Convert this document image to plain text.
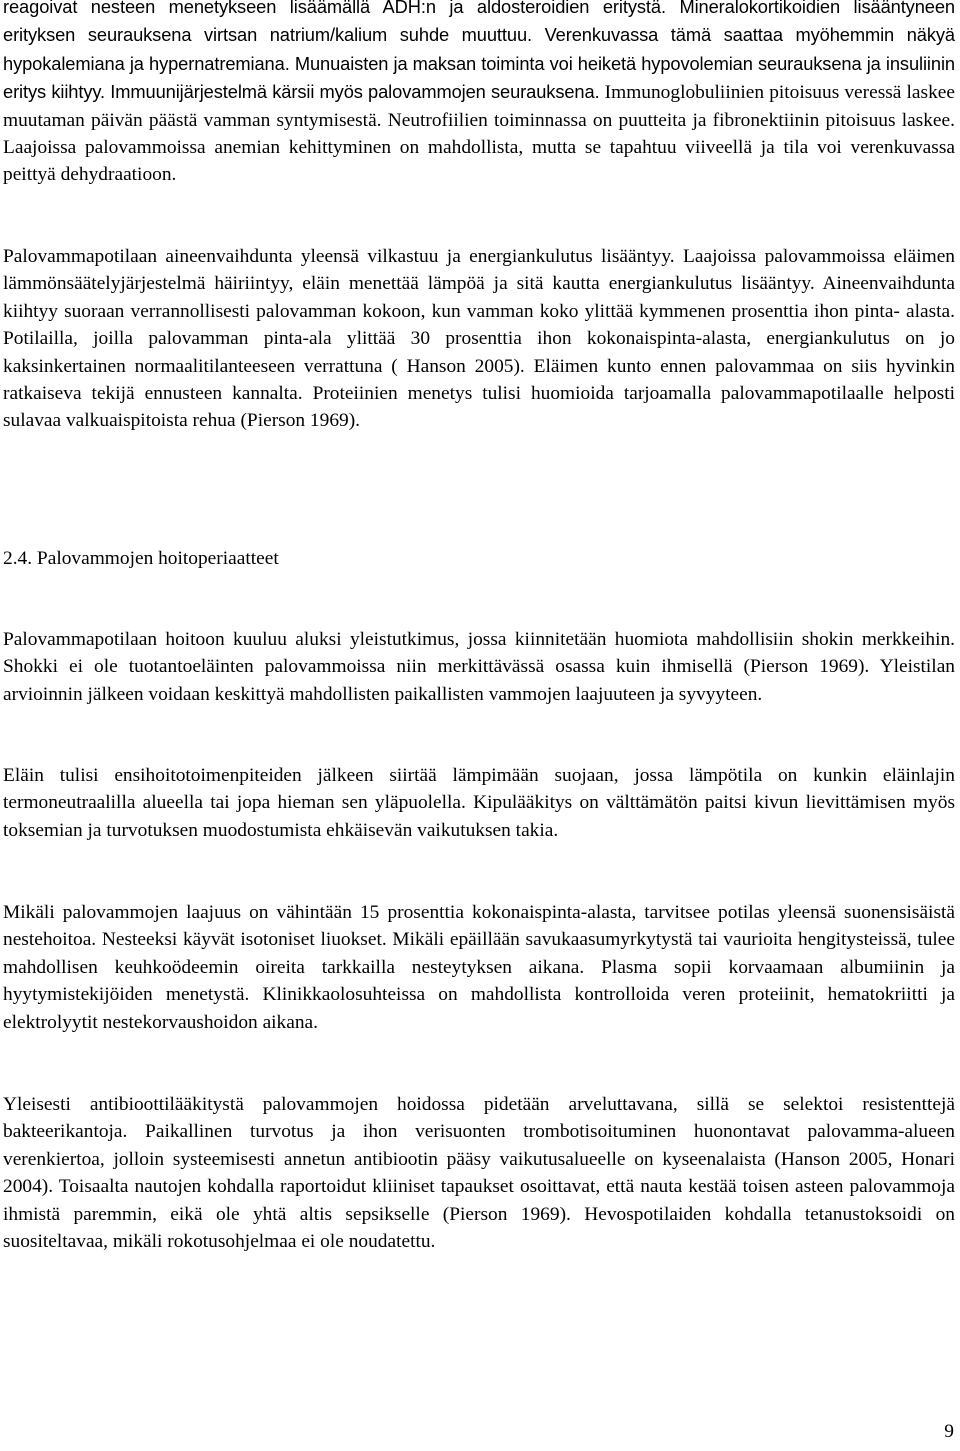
reagoivat nesteen menetykseen lisäämällä ADH:n ja aldosteroidien eritystä. Mineralokortikoidien lisääntyneen erityksen seurauksena virtsan natrium/kalium suhde muuttuu. Verenkuvassa tämä saattaa myöhemmin näkyä hypokalemiana ja hypernatremiana. Munuaisten ja maksan toiminta voi heiketä hypovolemian seurauksena ja insuliinin eritys kiihtyy. Immuunijärjestelmä kärsii myös palovammojen seurauksena. Immunoglobuliinien pitoisuus veressä laskee muutaman päivän päästä vamman syntymisestä. Neutrofiilien toiminnassa on puutteita ja fibronektiinin pitoisuus laskee. Laajoissa palovammoissa anemian kehittyminen on mahdollista, mutta se tapahtuu viiveellä ja tila voi verenkuvassa peittyä dehydraatioon.

Palovammapotilaan aineenvaihdunta yleensä vilkastuu ja energiankulutus lisääntyy. Laajoissa palovammoissa eläimen lämmönsäätelyjärjestelmä häiriintyy, eläin menettää lämpöä ja sitä kautta energiankulutus lisääntyy. Aineenvaihdunta kiihtyy suoraan verrannollisesti palovamman kokoon, kun vamman koko ylittää kymmenen prosenttia ihon pinta- alasta. Potilailla, joilla palovamman pinta-ala ylittää 30 prosenttia ihon kokonaispinta-alasta, energiankulutus on jo kaksinkertainen normaalitilanteeseen verrattuna ( Hanson 2005). Eläimen kunto ennen palovammaa on siis hyvinkin ratkaiseva tekijä ennusteen kannalta. Proteiinien menetys tulisi huomioida tarjoamalla palovammapotilaalle helposti sulavaa valkuaispitoista rehua (Pierson 1969).

2.4. Palovammojen hoitoperiaatteet

Palovammapotilaan hoitoon kuuluu aluksi yleistutkimus, jossa kiinnitetään huomiota mahdollisiin shokin merkkeihin. Shokki ei ole tuotantoeläinten palovammoissa niin merkittävässä osassa kuin ihmisellä (Pierson 1969). Yleistilan arvioinnin jälkeen voidaan keskittyä mahdollisten paikallisten vammojen laajuuteen ja syvyyteen.

Eläin tulisi ensihoitotoimenpiteiden jälkeen siirtää lämpimään suojaan, jossa lämpötila on kunkin eläinlajin termoneutraalilla alueella tai jopa hieman sen yläpuolella. Kipulääkitys on välttämätön paitsi kivun lievittämisen myös toksemian ja turvotuksen muodostumista ehkäisevän vaikutuksen takia.

Mikäli palovammojen laajuus on vähintään 15 prosenttia kokonaispinta-alasta, tarvitsee potilas yleensä suonensisäistä nestehoitoa. Nesteeksi käyvät isotoniset liuokset. Mikäli epäillään savukaasumyrkytystä tai vaurioita hengitysteissä, tulee mahdollisen keuhkoödeemin oireita tarkkailla nesteytyksen aikana. Plasma sopii korvaamaan albumiinin ja hyytymistekijöiden menetystä. Klinikkaolosuhteissa on mahdollista kontrolloida veren proteiinit, hematokriitti ja elektrolyytit nestekorvaushoidon aikana.

Yleisesti antibioottilääkitystä palovammojen hoidossa pidetään arveluttavana, sillä se selektoi resistenttejä bakteerikantoja. Paikallinen turvotus ja ihon verisuonten trombotisoituminen huonontavat palovamma-alueen verenkiertoa, jolloin systeemisesti annetun antibiootin pääsy vaikutusalueelle on kyseenalaista (Hanson 2005, Honari 2004). Toisaalta nautojen kohdalla raportoidut kliiniset tapaukset osoittavat, että nauta kestää toisen asteen palovammoja ihmistä paremmin, eikä ole yhtä altis sepsikselle (Pierson 1969). Hevospotilaiden kohdalla tetanustoksoidi on suositeltavaa, mikäli rokotusohjelmaa ei ole noudatettu.

9
